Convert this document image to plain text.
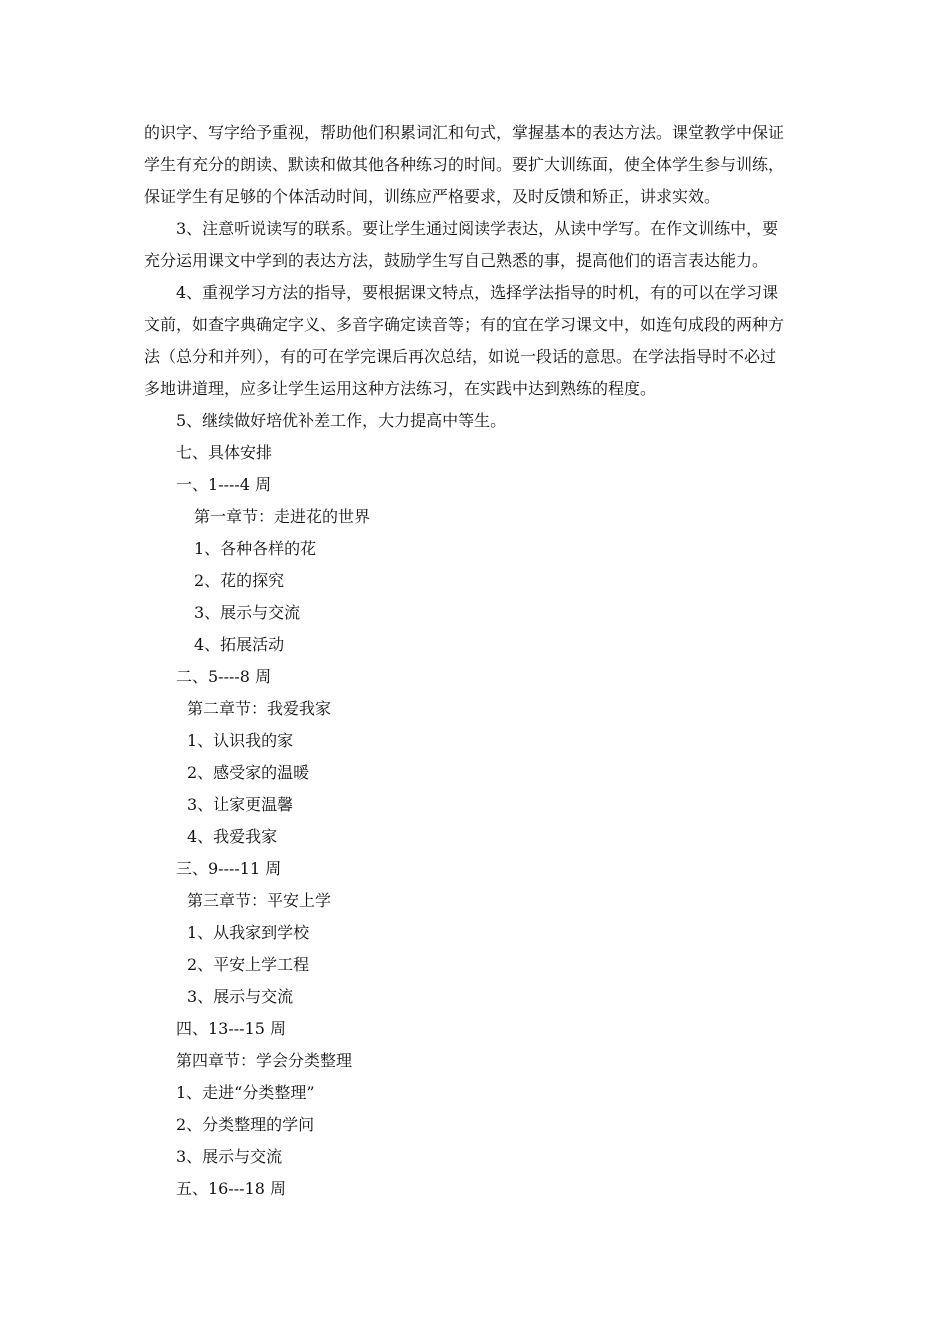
的识字、写字给予重视，帮助他们积累词汇和句式，掌握基本的表达方法。课堂教学中保证
学生有充分的朗读、默读和做其他各种练习的时间。要扩大训练面，使全体学生参与训练，
保证学生有足够的个体活动时间，训练应严格要求，及时反馈和矫正，讲求实效。
　　3、注意听说读写的联系。要让学生通过阅读学表达，从读中学写。在作文训练中，要
充分运用课文中学到的表达方法，鼓励学生写自己熟悉的事，提高他们的语言表达能力。
　　4、重视学习方法的指导，要根据课文特点，选择学法指导的时机，有的可以在学习课
文前，如查字典确定字义、多音字确定读音等；有的宜在学习课文中，如连句成段的两种方
法（总分和并列），有的可在学完课后再次总结，如说一段话的意思。在学法指导时不必过
多地讲道理，应多让学生运用这种方法练习，在实践中达到熟练的程度。
5、继续做好培优补差工作，大力提高中等生。
七、具体安排
一、1----4 周
第一章节：走进花的世界
1、各种各样的花
2、花的探究
3、展示与交流
4、拓展活动
二、5----8 周
第二章节：我爱我家
1、认识我的家
2、感受家的温暖
3、让家更温馨
4、我爱我家
三、9----11 周
第三章节：平安上学
1、从我家到学校
2、平安上学工程
3、展示与交流
四、13---15 周
第四章节：学会分类整理
1、走进“分类整理”
2、分类整理的学问
3、展示与交流
五、16---18 周
